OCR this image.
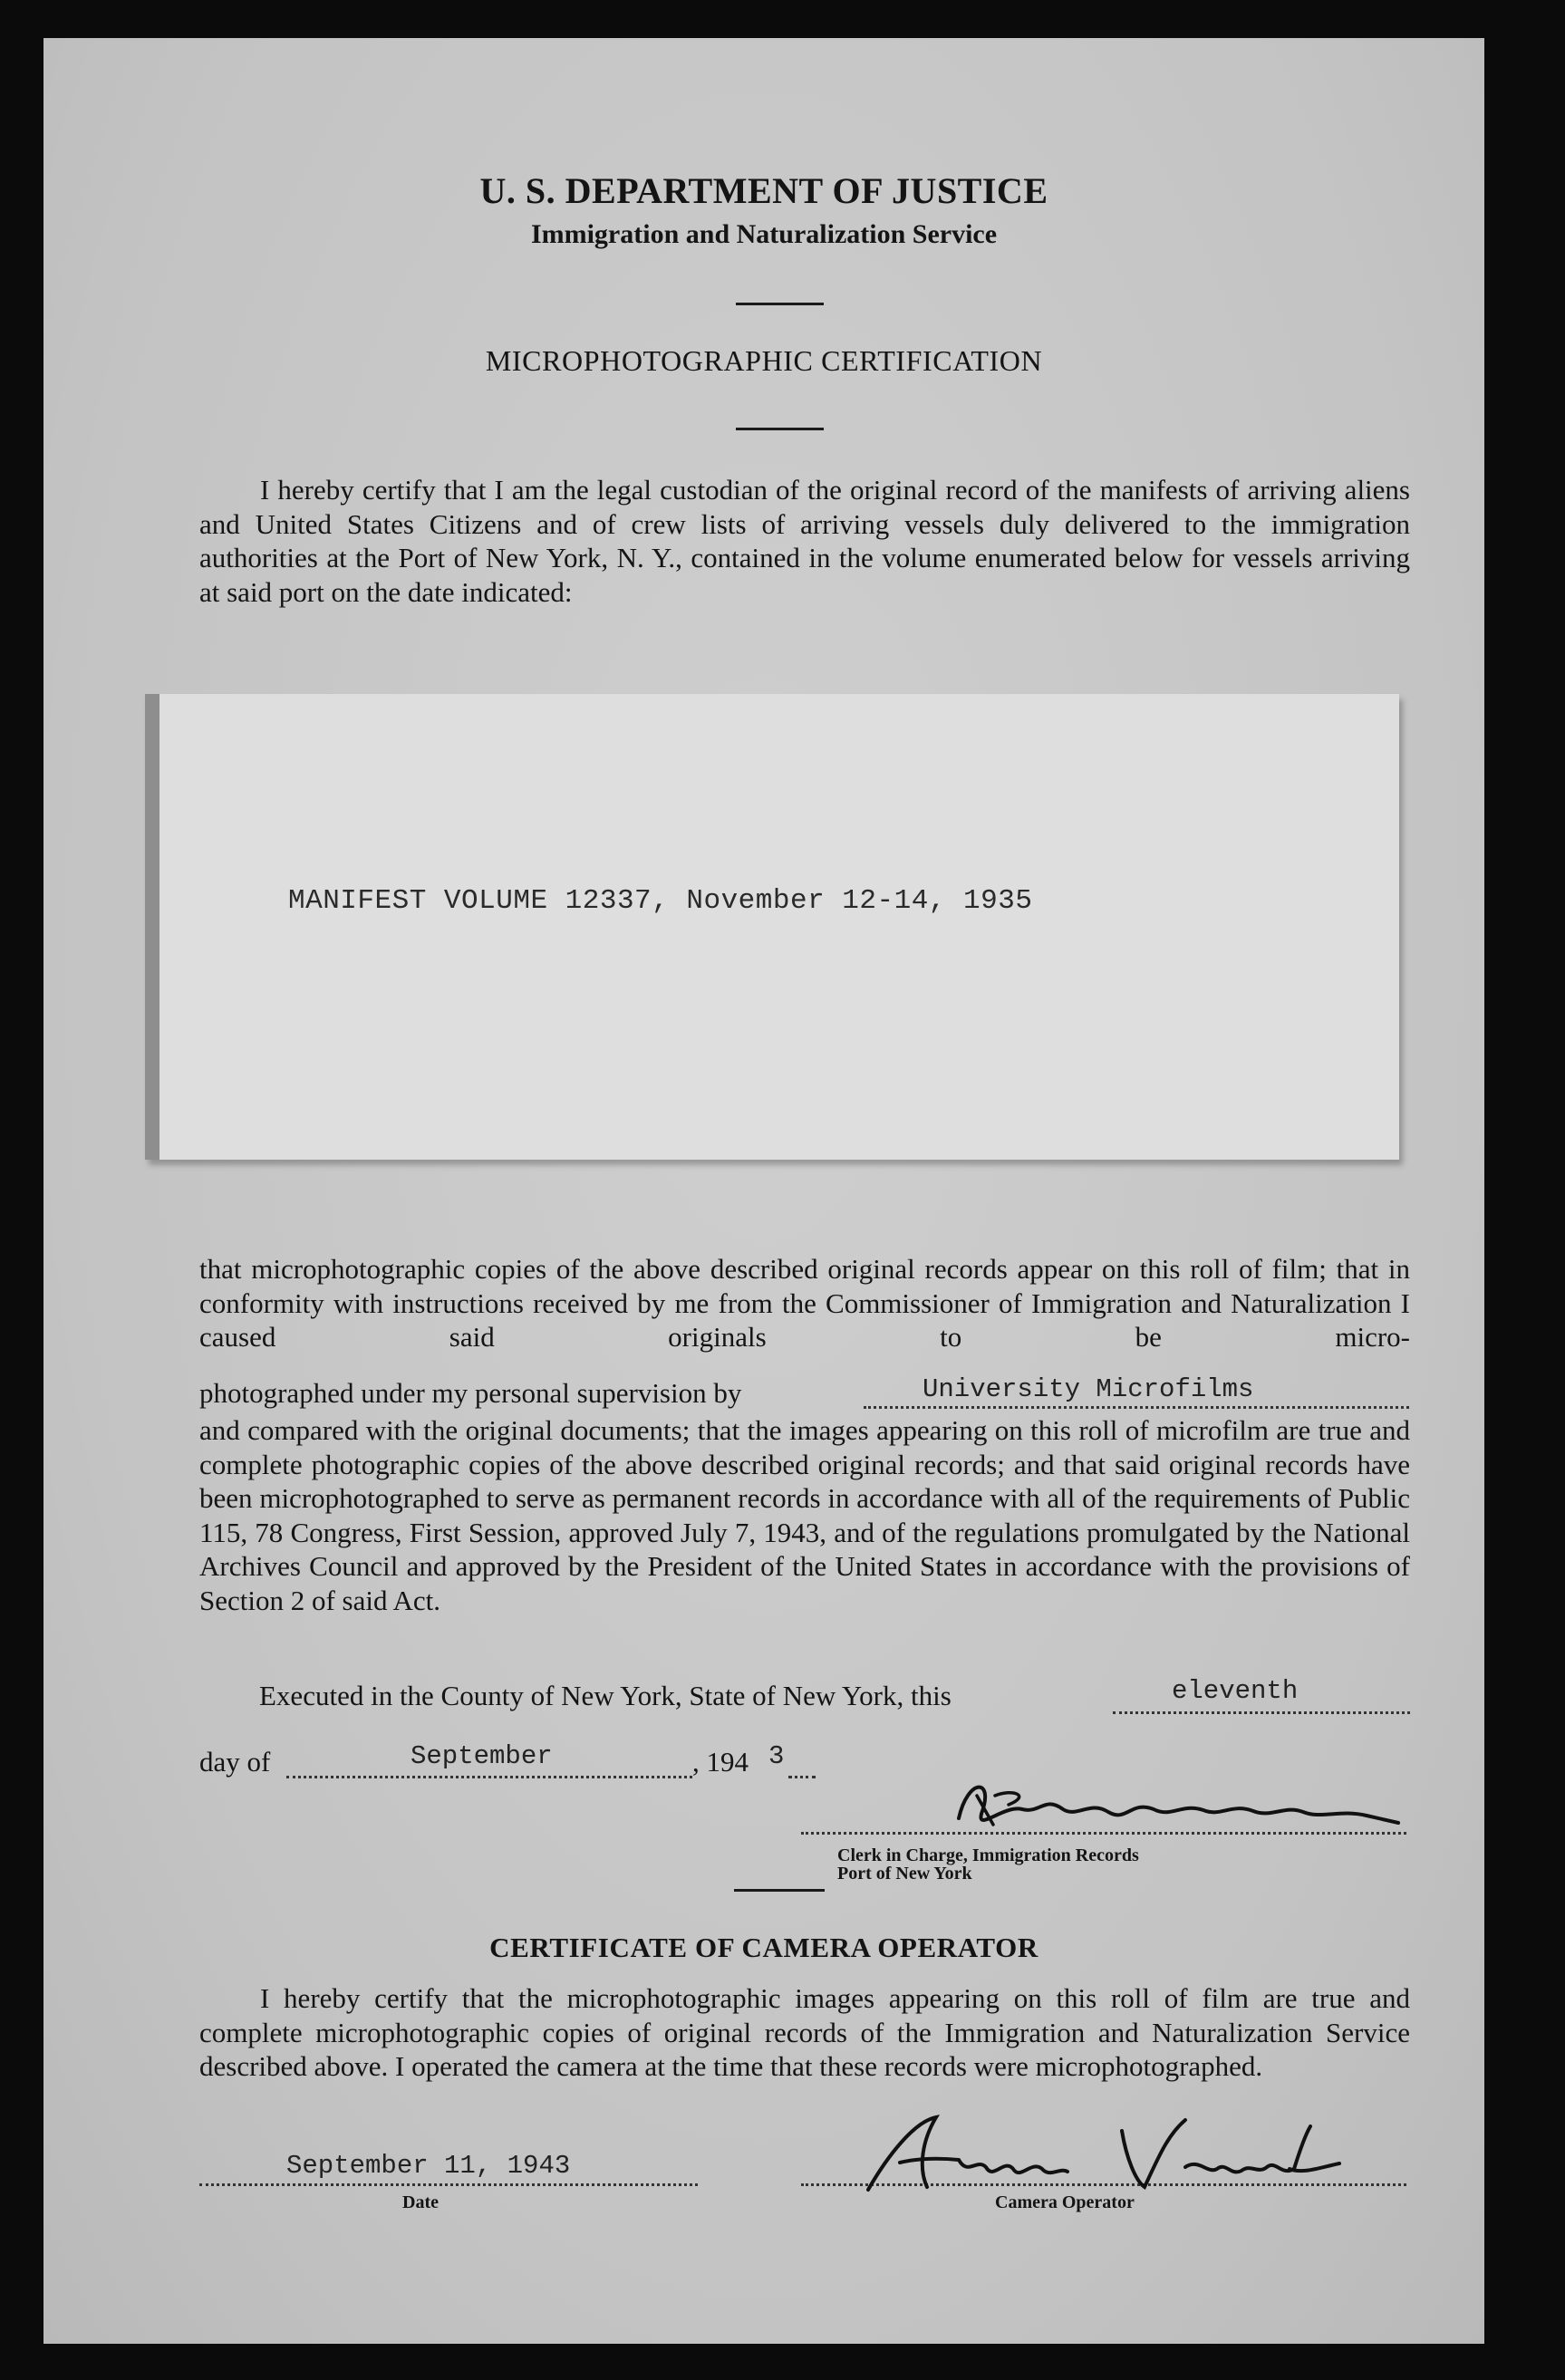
U. S. DEPARTMENT OF JUSTICE
Immigration and Naturalization Service
MICROPHOTOGRAPHIC CERTIFICATION
I hereby certify that I am the legal custodian of the original record of the manifests of arriving aliens and United States Citizens and of crew lists of arriving vessels duly delivered to the immigration authorities at the Port of New York, N. Y., contained in the volume enumerated below for vessels arriving at said port on the date indicated:
MANIFEST VOLUME 12337, November 12-14, 1935
that microphotographic copies of the above described original records appear on this roll of film; that in conformity with instructions received by me from the Commissioner of Immigration and Naturalization I caused said originals to be micro-
photographed under my personal supervision by	University Microfilms
and compared with the original documents; that the images appearing on this roll of microfilm are true and complete photographic copies of the above described original records; and that said original records have been microphotographed to serve as permanent records in accordance with all of the requirements of Public 115, 78 Congress, First Session, approved July 7, 1943, and of the regulations promulgated by the National Archives Council and approved by the President of the United States in accordance with the provisions of Section 2 of said Act.
Executed in the County of New York, State of New York, this	eleventh
day of	September	, 194 3
Clerk in Charge, Immigration Records
Port of New York
CERTIFICATE OF CAMERA OPERATOR
I hereby certify that the microphotographic images appearing on this roll of film are true and complete microphotographic copies of original records of the Immigration and Naturalization Service described above. I operated the camera at the time that these records were microphotographed.
September 11, 1943
Date	Camera Operator
